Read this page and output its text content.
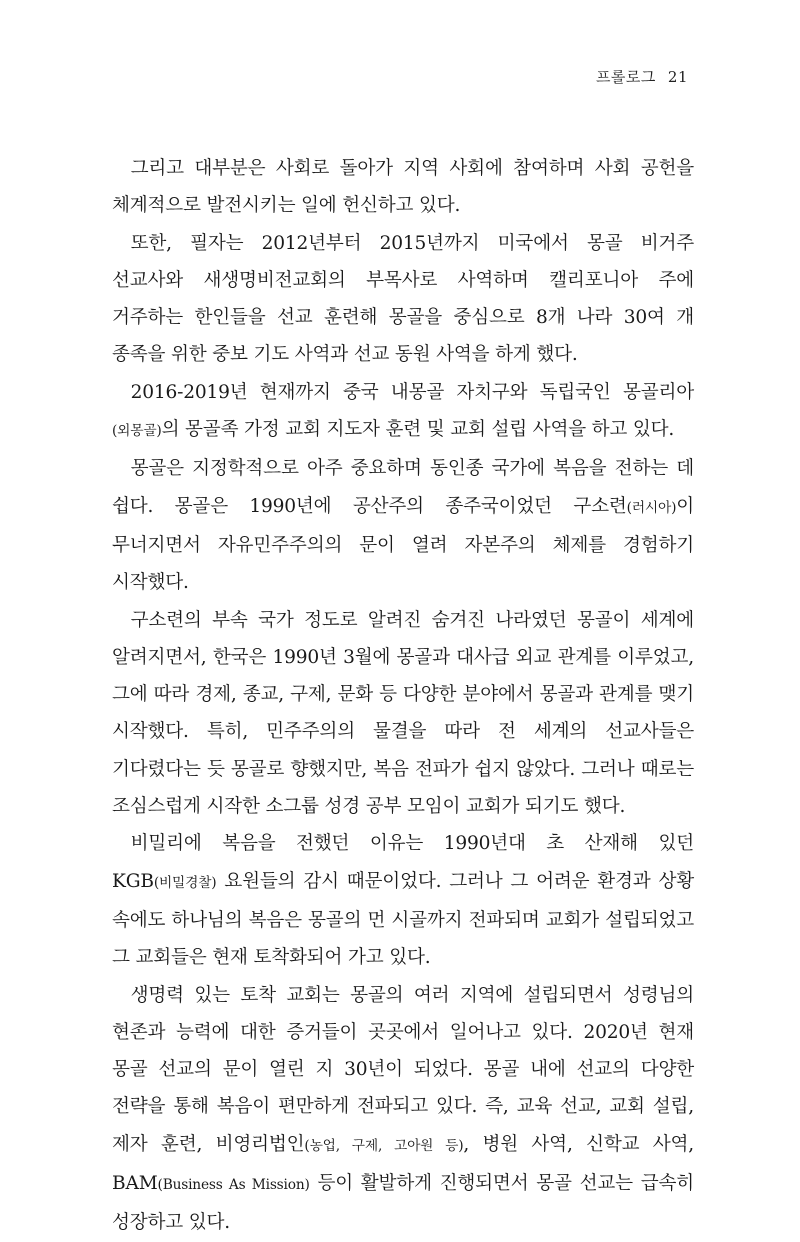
프롤로그 21

그리고 대부분은 사회로 돌아가 지역 사회에 참여하며 사회 공헌을 체계적으로 발전시키는 일에 헌신하고 있다.

또한, 필자는 2012년부터 2015년까지 미국에서 몽골 비거주 선교사와 새생명비전교회의 부목사로 사역하며 캘리포니아 주에 거주하는 한인들을 선교 훈련해 몽골을 중심으로 8개 나라 30여 개 종족을 위한 중보 기도 사역과 선교 동원 사역을 하게 했다.

2016-2019년 현재까지 중국 내몽골 자치구와 독립국인 몽골리아(외몽골)의 몽골족 가정 교회 지도자 훈련 및 교회 설립 사역을 하고 있다.

몽골은 지정학적으로 아주 중요하며 동인종 국가에 복음을 전하는 데 쉽다. 몽골은 1990년에 공산주의 종주국이었던 구소련(러시아)이 무너지면서 자유민주주의의 문이 열려 자본주의 체제를 경험하기 시작했다.

구소련의 부속 국가 정도로 알려진 숨겨진 나라였던 몽골이 세계에 알려지면서, 한국은 1990년 3월에 몽골과 대사급 외교 관계를 이루었고, 그에 따라 경제, 종교, 구제, 문화 등 다양한 분야에서 몽골과 관계를 맺기 시작했다. 특히, 민주주의의 물결을 따라 전 세계의 선교사들은 기다렸다는 듯 몽골로 향했지만, 복음 전파가 쉽지 않았다. 그러나 때로는 조심스럽게 시작한 소그룹 성경 공부 모임이 교회가 되기도 했다.

비밀리에 복음을 전했던 이유는 1990년대 초 산재해 있던 KGB(비밀경찰) 요원들의 감시 때문이었다. 그러나 그 어려운 환경과 상황 속에도 하나님의 복음은 몽골의 먼 시골까지 전파되며 교회가 설립되었고 그 교회들은 현재 토착화되어 가고 있다.

생명력 있는 토착 교회는 몽골의 여러 지역에 설립되면서 성령님의 현존과 능력에 대한 증거들이 곳곳에서 일어나고 있다. 2020년 현재 몽골 선교의 문이 열린 지 30년이 되었다. 몽골 내에 선교의 다양한 전략을 통해 복음이 편만하게 전파되고 있다. 즉, 교육 선교, 교회 설립, 제자 훈련, 비영리법인(농업, 구제, 고아원 등), 병원 사역, 신학교 사역, BAM(Business As Mission) 등이 활발하게 진행되면서 몽골 선교는 급속히 성장하고 있다.
